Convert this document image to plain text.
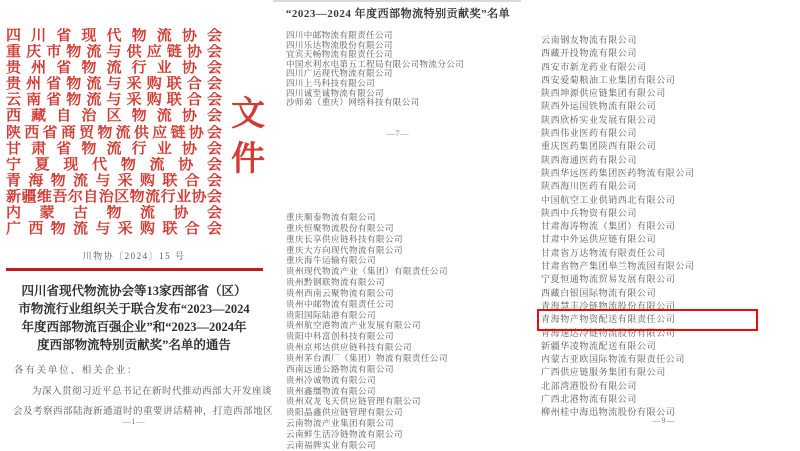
四川省现代物流协会
重庆市物流与供应链协会
贵州省物流行业协会
贵州省物流与采购联合会
云南省物流与采购联合会
西藏自治区物流协会
陕西省商贸物流供应链协会
甘肃省物流行业协会
宁夏现代物流协会
青海物流与采购联合会
新疆维吾尔自治区物流行业协会
内蒙古物流协会
广西物流与采购联合会
文件
川物协〔2024〕15 号
四川省现代物流协会等13家西部省（区）
市物流行业组织关于联合发布“2023—2024
年度西部物流百强企业”和“2023—2024年
度西部物流特别贡献奖”名单的通告
各有关单位、相关企业：
为深入贯彻习近平总书记在新时代推动西部大开发座谈
会及考察西部陆海新通道时的重要讲话精神，打造西部地区
—1—
“2023—2024 年度西部物流特别贡献奖”名单
四川中邮物流有限责任公司
四川乐达物流股份有限公司
宜宾天畅物流有限责任公司
中国水利水电第五工程局有限公司物流分公司
四川广运现代物流有限公司
四川上马科技有限公司
四川诚至诚物流有限公司
沙师弟（重庆）网络科技有限公司
—7—
重庆顺泰物流有限公司
重庆恒聚物流股份有限公司
重庆长享供应链科技有限公司
重庆大方向现代物流有限公司
重庆海牛运输有限公司
贵州现代物流产业（集团）有限责任公司
贵州黔钢联物流有限公司
贵州西南云聚物流有限公司
贵州中邮物流有限责任公司
贵阳国际陆港有限公司
贵州航空港物流产业发展有限公司
贵阳中科富创科技有限公司
贵州京邦达供应链科技有限公司
贵州茅台酒厂（集团）物流有限责任公司
西南远通公路物流有限公司
贵州冷诚物流有限公司
贵州鑫缰物流有限公司
贵州双龙飞天供应链管理有限公司
贵阳晶鑫供应链管理有限公司
云南物流产业集团有限公司
云南鲜生活冷链物流有限公司
云南福牌实业有限公司
云南钢友物流有限公司
西藏开投物流有限公司
西安市新龙药业有限公司
西安爱菊粮油工业集团有限公司
陕西坤源供应链集团有限公司
陕西外运国铁物流有限公司
陕西欣桥实业发展有限公司
陕西伟业医药有限公司
重庆医药集团陕西有限公司
陕西海通医药有限公司
陕西华远医药集团医药物流有限公司
陕西海川医药有限公司
中国航空工业供销西北有限公司
陕西中兵物资有限公司
甘肃海涛物流（集团）有限公司
甘肃中外运供应链有限公司
甘肃省万达物流有限责任公司
甘肃省物产集团皋兰物流园有限公司
宁夏恒通物流贸易发展有限公司
西藏白银国际物流有限公司
青海慧丰冷链物流股份有限公司
青海物产物资配送有限责任公司
青海速达冷链物流股份有限公司
新疆华凌物流配送有限公司
内蒙古亚欧国际物流有限责任公司
广西供应链服务集团有限公司
北部湾港股份有限公司
广西北港物流有限公司
柳州桂中海迅物流股份有限公司
—9—
